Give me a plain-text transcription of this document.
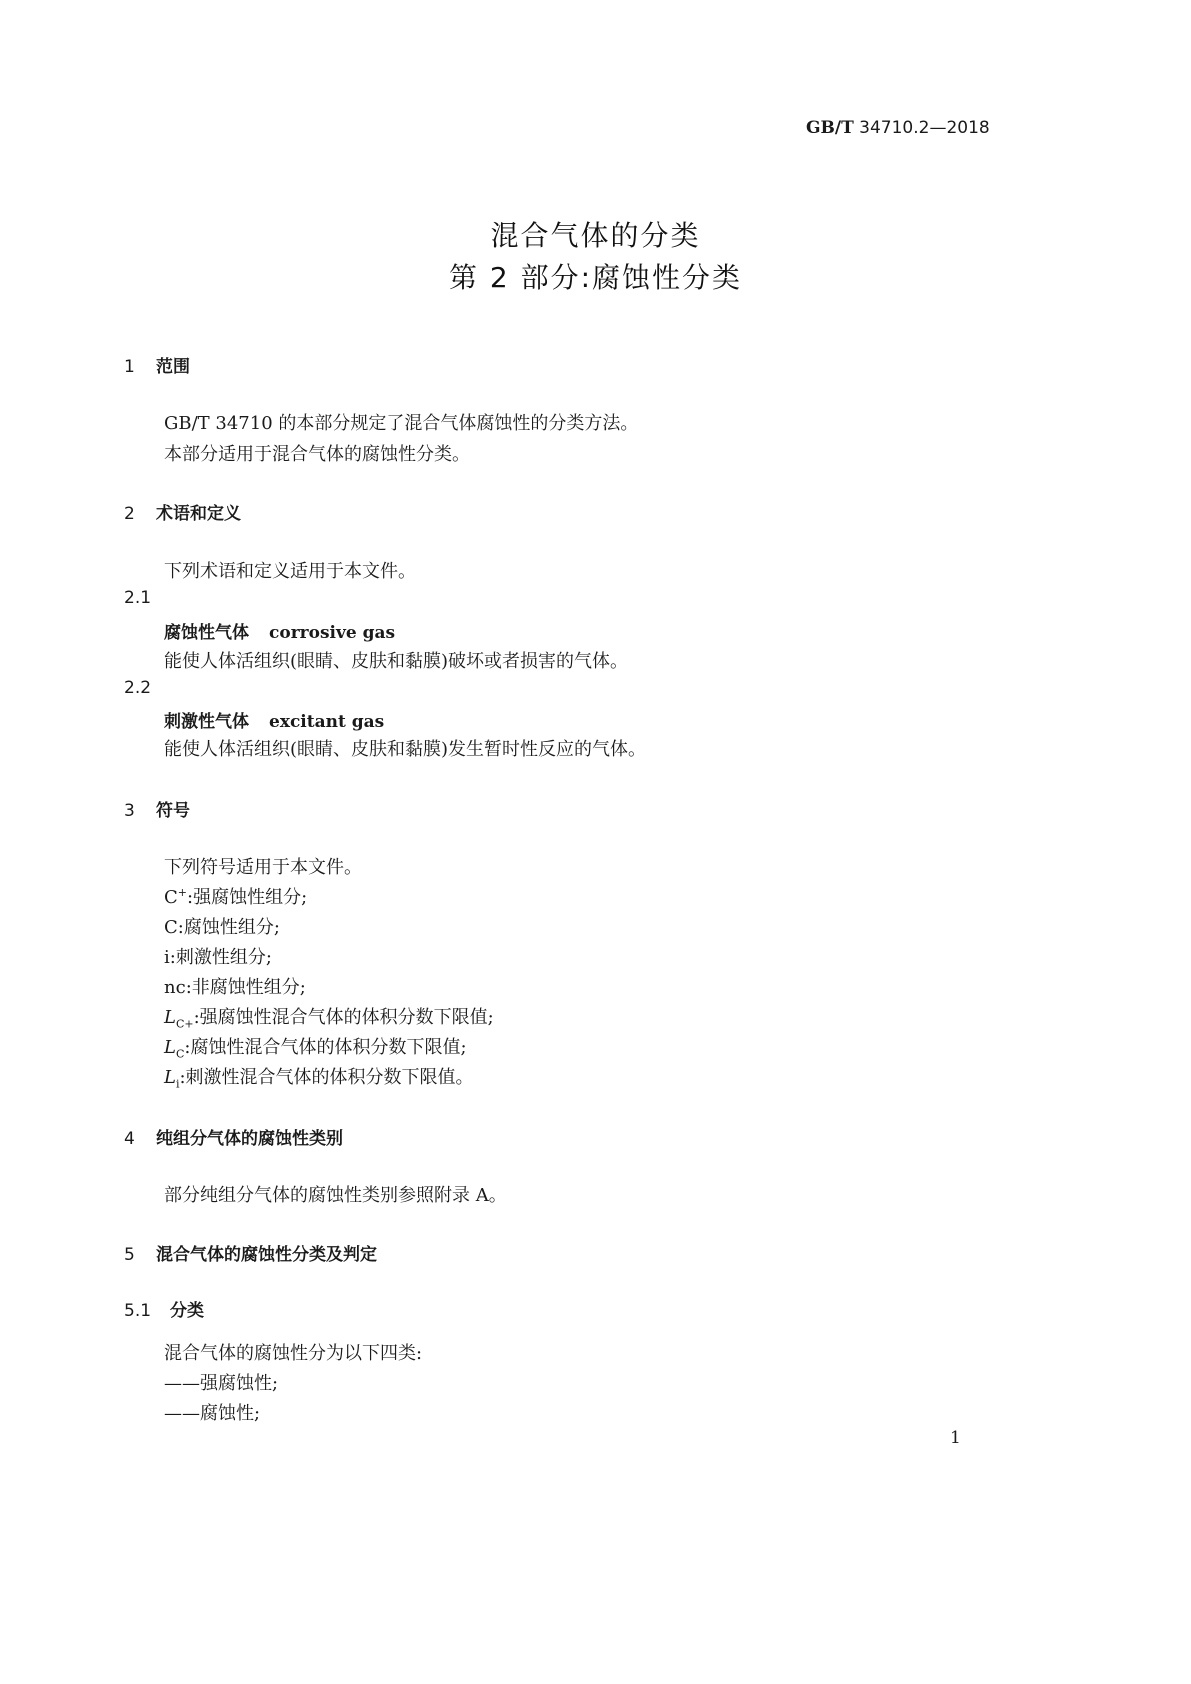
GB/T 34710.2—2018
混合气体的分类
第 2 部分:腐蚀性分类
1 范围
GB/T 34710 的本部分规定了混合气体腐蚀性的分类方法。
本部分适用于混合气体的腐蚀性分类。
2 术语和定义
下列术语和定义适用于本文件。
2.1
腐蚀性气体 corrosive gas
能使人体活组织(眼睛、皮肤和黏膜)破坏或者损害的气体。
2.2
刺激性气体 excitant gas
能使人体活组织(眼睛、皮肤和黏膜)发生暂时性反应的气体。
3 符号
下列符号适用于本文件。
C+:强腐蚀性组分;
C:腐蚀性组分;
i:刺激性组分;
nc:非腐蚀性组分;
$L_{C+}$:强腐蚀性混合气体的体积分数下限值;
$L_C$:腐蚀性混合气体的体积分数下限值;
$L_i$:刺激性混合气体的体积分数下限值。
4 纯组分气体的腐蚀性类别
部分纯组分气体的腐蚀性类别参照附录 A。
5 混合气体的腐蚀性分类及判定
5.1 分类
混合气体的腐蚀性分为以下四类:
——强腐蚀性;
——腐蚀性;
1
